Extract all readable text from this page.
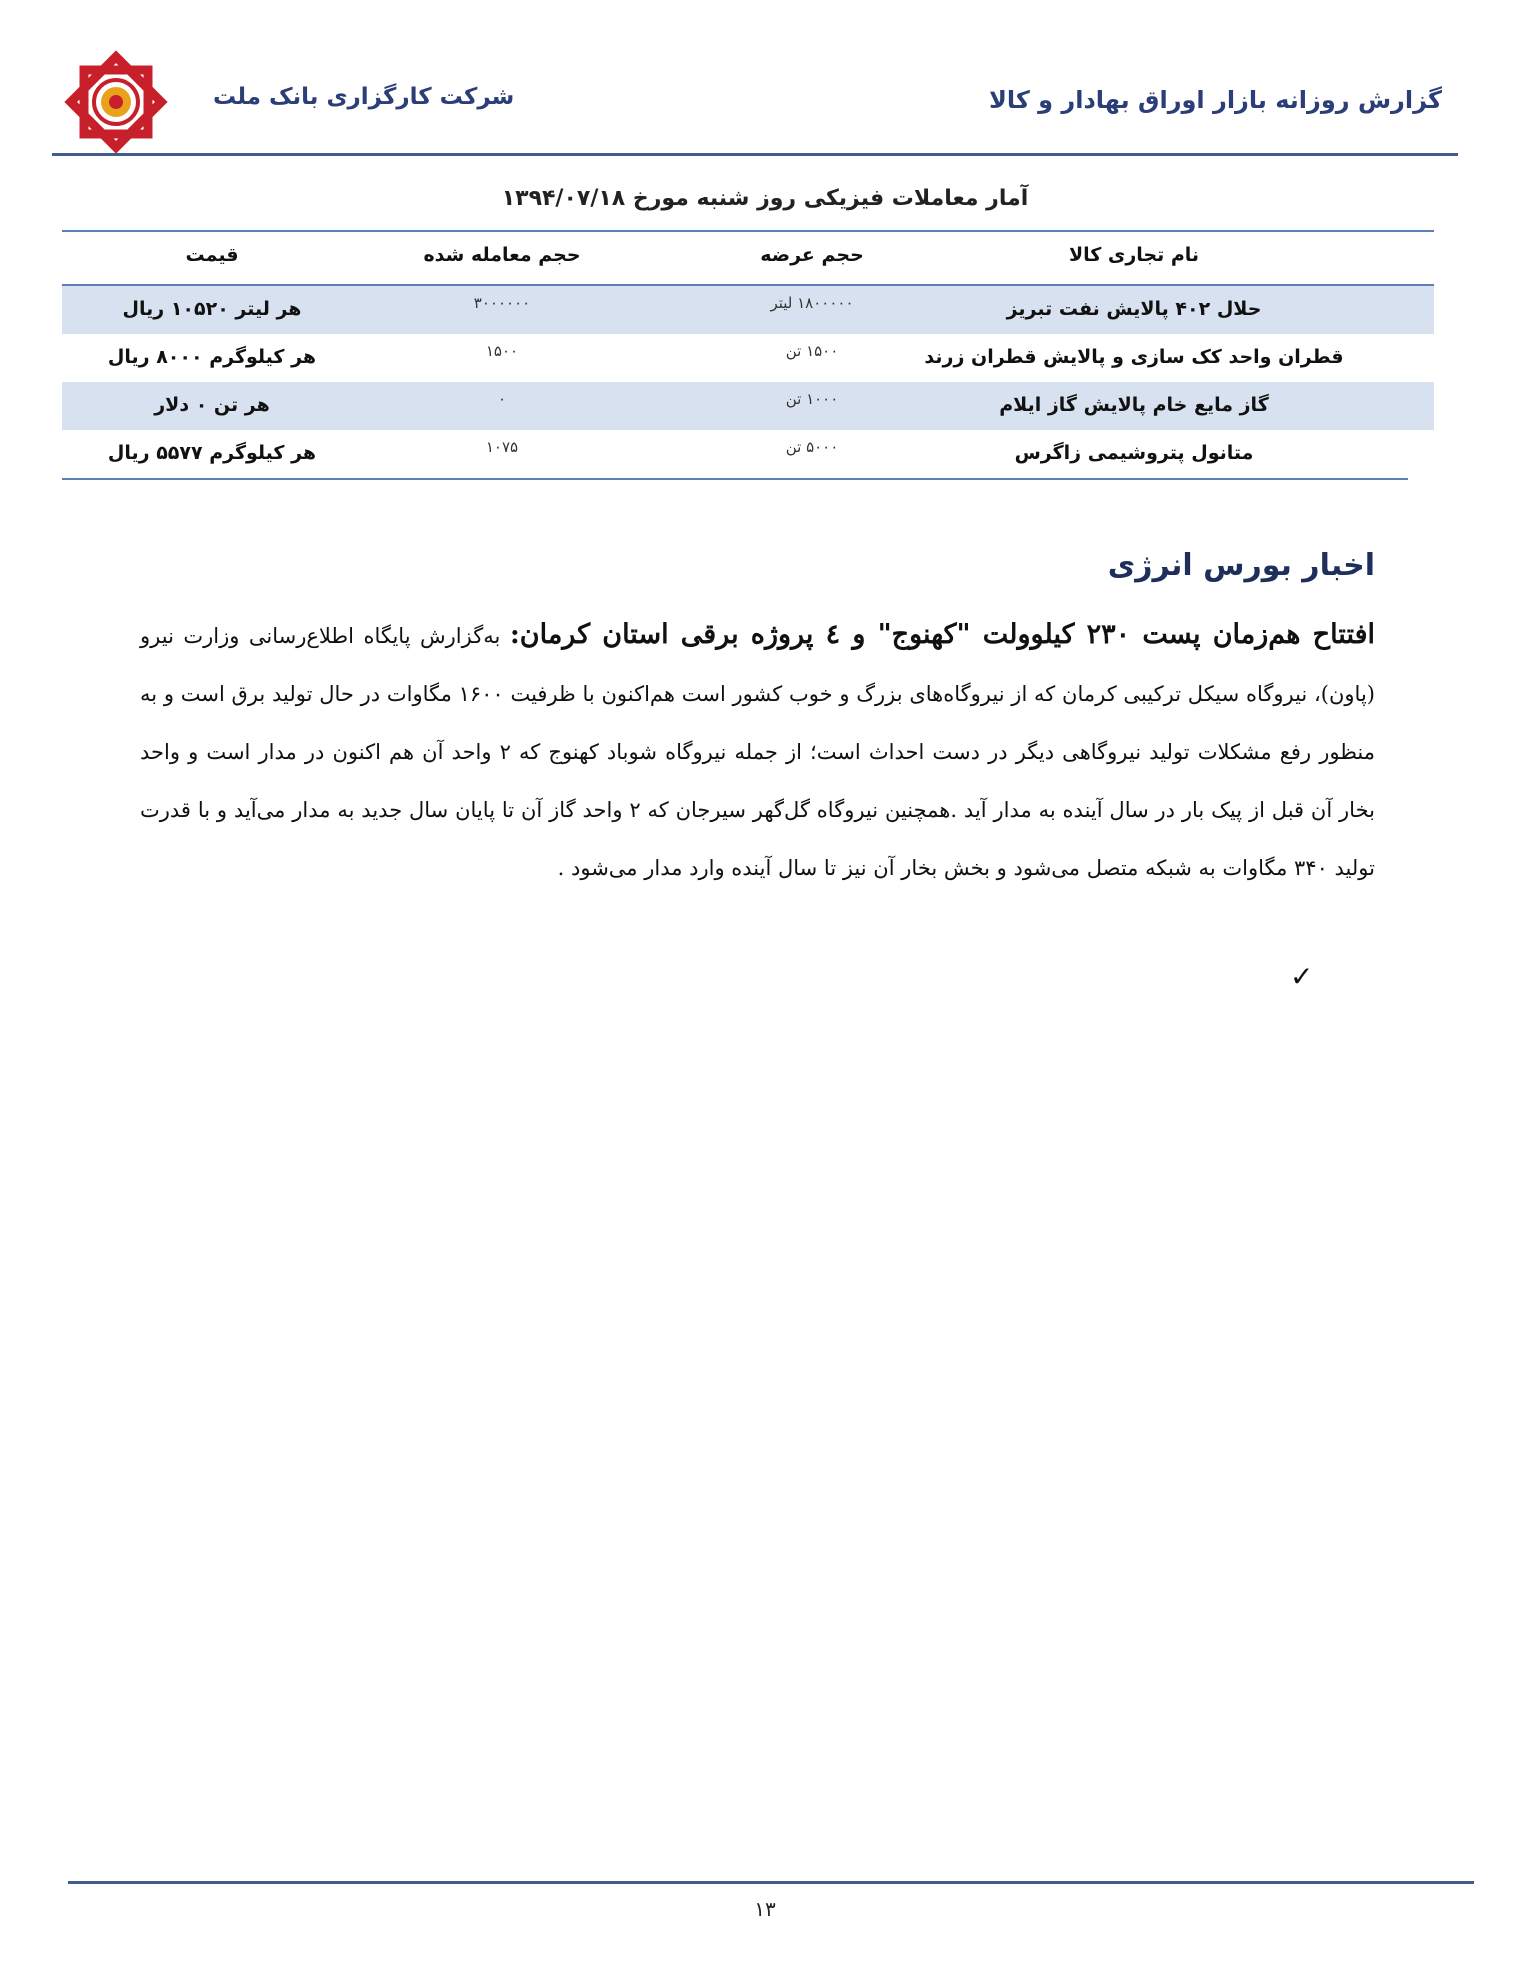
شرکت کارگزاری بانک ملت	گزارش روزانه بازار اوراق بهادار و کالا
آمار معاملات فیزیکی روز شنبه مورخ ۱۳۹۴/۰۷/۱۸
نام تجاری کالا
حجم عرضه
حجم معامله شده
قیمت
حلال ۴۰۲ پالایش نفت تبریز
۱۸۰۰۰۰۰ لیتر
۳۰۰۰۰۰۰
هر لیتر ۱۰۵۲۰ ریال
قطران واحد کک سازی و پالایش قطران زرند
۱۵۰۰ تن
۱۵۰۰
هر کیلوگرم ۸۰۰۰ ریال
گاز مایع خام پالایش گاز ایلام
۱۰۰۰ تن
۰
هر تن ۰ دلار
متانول پتروشیمی زاگرس
۵۰۰۰ تن
۱۰۷۵
هر کیلوگرم ۵۵۷۷ ریال
اخبار بورس انرژی
افتتاح هم‌زمان پست ۲۳۰ کیلوولت "کهنوج" و ٤ پروژه برقی استان کرمان: به‌گزارش پایگاه اطلاع‌رسانی وزارت نیرو (پاون)، نیروگاه سیکل ترکیبی کرمان که از نیروگاه‌های بزرگ و خوب کشور است هم‌اکنون با ظرفیت ۱۶۰۰ مگاوات در حال تولید برق است و به منظور رفع مشکلات تولید نیروگاهی دیگر در دست احداث است؛ از جمله نیروگاه شوباد کهنوج که ۲ واحد آن هم اکنون در مدار است و واحد بخار آن قبل از پیک بار در سال آینده به مدار آید .همچنین نیروگاه گل‌گهر سیرجان که ۲ واحد گاز آن تا پایان سال جدید به مدار می‌آید و با قدرت تولید ۳۴۰ مگاوات به شبکه متصل می‌شود و بخش بخار آن نیز تا سال آینده وارد مدار می‌شود .
✓
۱۳
